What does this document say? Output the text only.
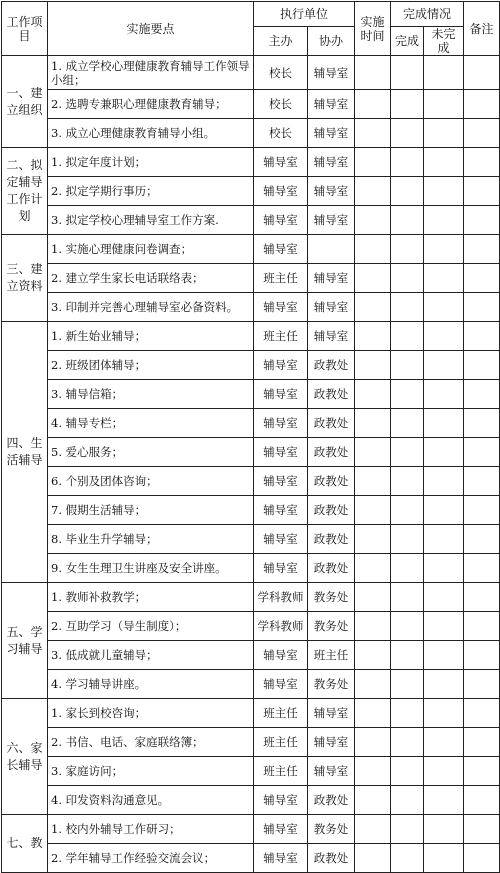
工作项目	实施要点	执行单位		实施时间	完成情况		备注
		主办	协办		完成	未完成	
一、建立组织	1. 成立学校心理健康教育辅导工作领导小组；	校长	辅导室				
	2. 选聘专兼职心理健康教育辅导；	校长	辅导室				
	3. 成立心理健康教育辅导小组。	校长	辅导室				
二、拟定辅导工作计划	1. 拟定年度计划；	辅导室	辅导室				
	2. 拟定学期行事历；	辅导室	辅导室				
	3. 拟定学校心理辅导室工作方案.	辅导室	辅导室				
三、建立资料	1. 实施心理健康问卷调查；	辅导室					
	2. 建立学生家长电话联络表；	班主任	辅导室				
	3. 印制并完善心理辅导室必备资料。	辅导室	辅导室				
四、生活辅导	1. 新生始业辅导；	班主任	辅导室				
	2. 班级团体辅导；	辅导室	政教处				
	3. 辅导信箱；	辅导室	政教处				
	4. 辅导专栏；	辅导室	政教处				
	5. 爱心服务；	辅导室	政教处				
	6. 个别及团体咨询；	辅导室	政教处				
	7. 假期生活辅导；	辅导室	政教处				
	8. 毕业生升学辅导；	辅导室	政教处				
	9. 女生生理卫生讲座及安全讲座。	辅导室	政教处				
五、学习辅导	1. 教师补救教学；	学科教师	教务处				
	2. 互助学习（导生制度）；	学科教师	教务处				
	3. 低成就儿童辅导；	辅导室	班主任				
	4. 学习辅导讲座。	辅导室	教务处				
六、家长辅导	1. 家长到校咨询；	班主任	辅导室				
	2. 书信、电话、家庭联络簿；	班主任	辅导室				
	3. 家庭访问；	班主任	辅导室				
	4. 印发资料沟通意见。	辅导室	政教处				
七、教	1. 校内外辅导工作研习；	辅导室	教务处				
	2. 学年辅导工作经验交流会议；	辅导室	政教处				
